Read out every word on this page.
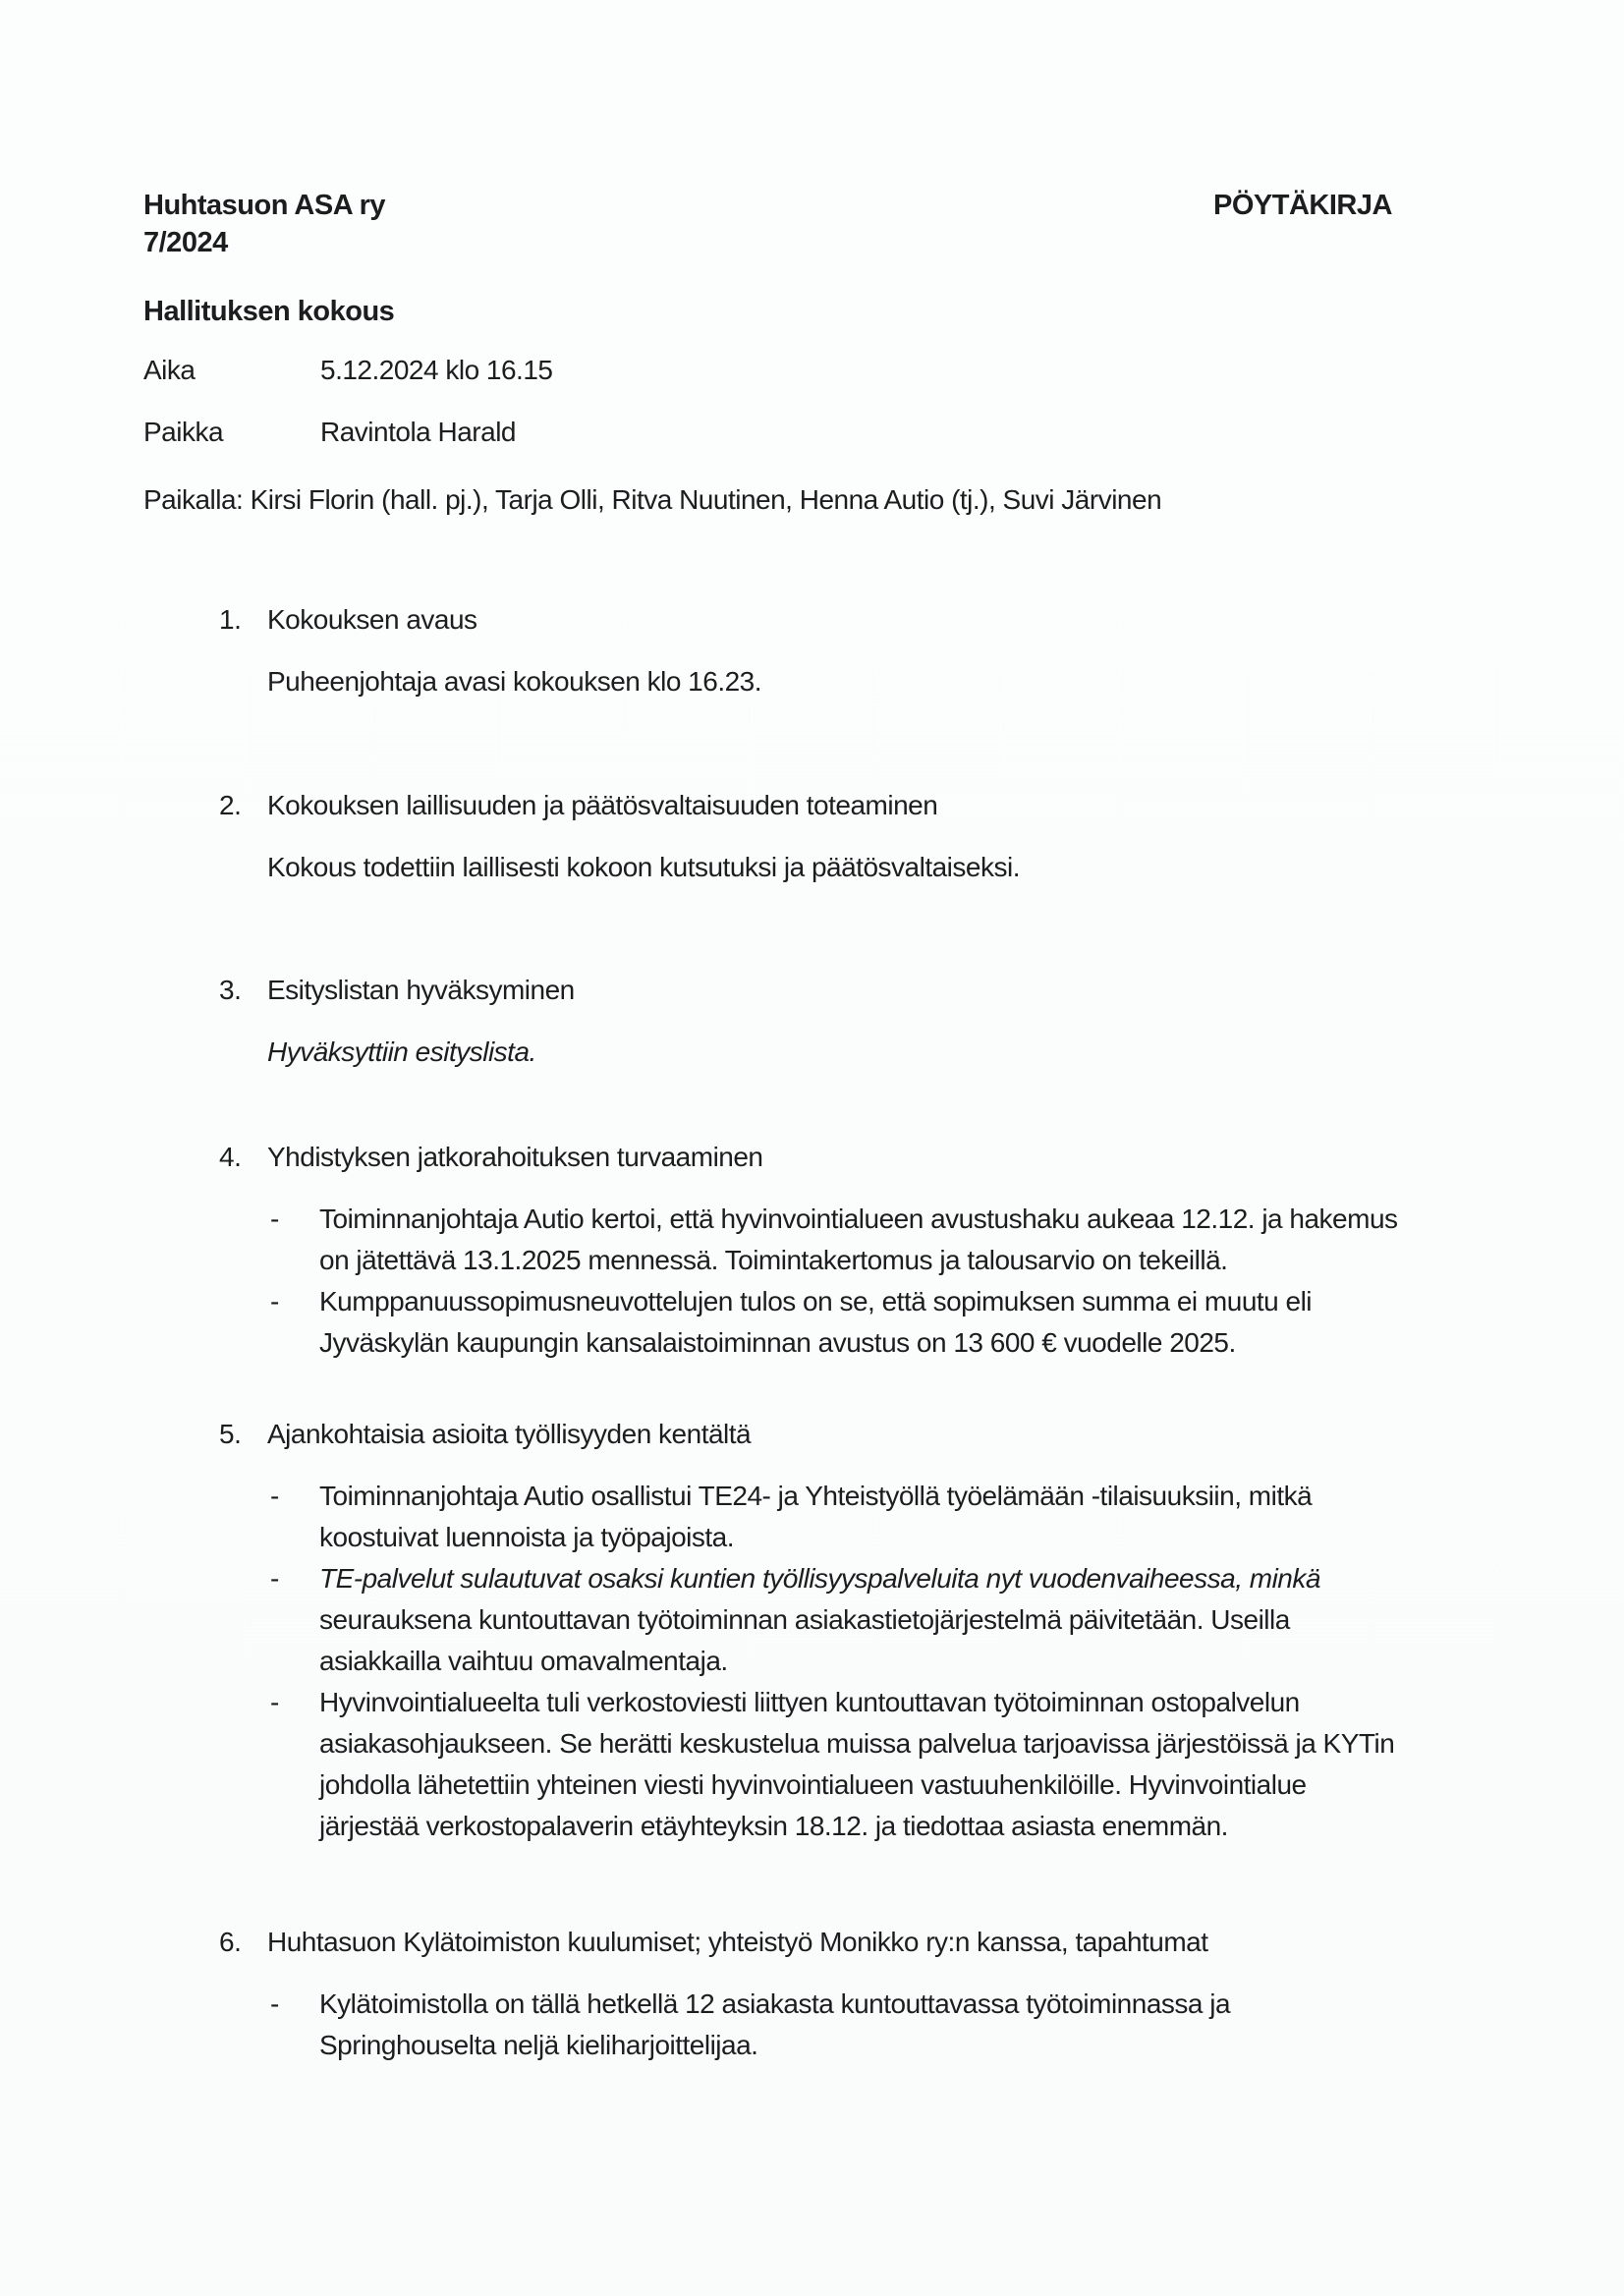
Huhtasuon ASA ry
7/2024
PÖYTÄKIRJA
Hallituksen kokous
Aika	5.12.2024 klo 16.15
Paikka	Ravintola Harald
Paikalla: Kirsi Florin (hall. pj.), Tarja Olli, Ritva Nuutinen, Henna Autio (tj.), Suvi Järvinen
1. Kokouksen avaus
Puheenjohtaja avasi kokouksen klo 16.23.
2. Kokouksen laillisuuden ja päätösvaltaisuuden toteaminen
Kokous todettiin laillisesti kokoon kutsutuksi ja päätösvaltaiseksi.
3. Esityslistan hyväksyminen
Hyväksyttiin esityslista.
4. Yhdistyksen jatkorahoituksen turvaaminen
-	Toiminnanjohtaja Autio kertoi, että hyvinvointialueen avustushaku aukeaa 12.12. ja hakemus
on jätettävä 13.1.2025 mennessä. Toimintakertomus ja talousarvio on tekeillä.
-	Kumppanuussopimusneuvottelujen tulos on se, että sopimuksen summa ei muutu eli
Jyväskylän kaupungin kansalaistoiminnan avustus on 13 600 € vuodelle 2025.
5. Ajankohtaisia asioita työllisyyden kentältä
-	Toiminnanjohtaja Autio osallistui TE24- ja Yhteistyöllä työelämään -tilaisuuksiin, mitkä
koostuivat luennoista ja työpajoista.
-	TE-palvelut sulautuvat osaksi kuntien työllisyyspalveluita nyt vuodenvaiheessa, minkä
seurauksena kuntouttavan työtoiminnan asiakastietojärjestelmä päivitetään. Useilla
asiakkailla vaihtuu omavalmentaja.
-	Hyvinvointialueelta tuli verkostoviesti liittyen kuntouttavan työtoiminnan ostopalvelun
asiakasohjaukseen. Se herätti keskustelua muissa palvelua tarjoavissa järjestöissä ja KYTin
johdolla lähetettiin yhteinen viesti hyvinvointialueen vastuuhenkilöille. Hyvinvointialue
järjestää verkostopalaverin etäyhteyksin 18.12. ja tiedottaa asiasta enemmän.
6. Huhtasuon Kylätoimiston kuulumiset; yhteistyö Monikko ry:n kanssa, tapahtumat
-	Kylätoimistolla on tällä hetkellä 12 asiakasta kuntouttavassa työtoiminnassa ja
Springhouselta neljä kieliharjoittelijaa.
